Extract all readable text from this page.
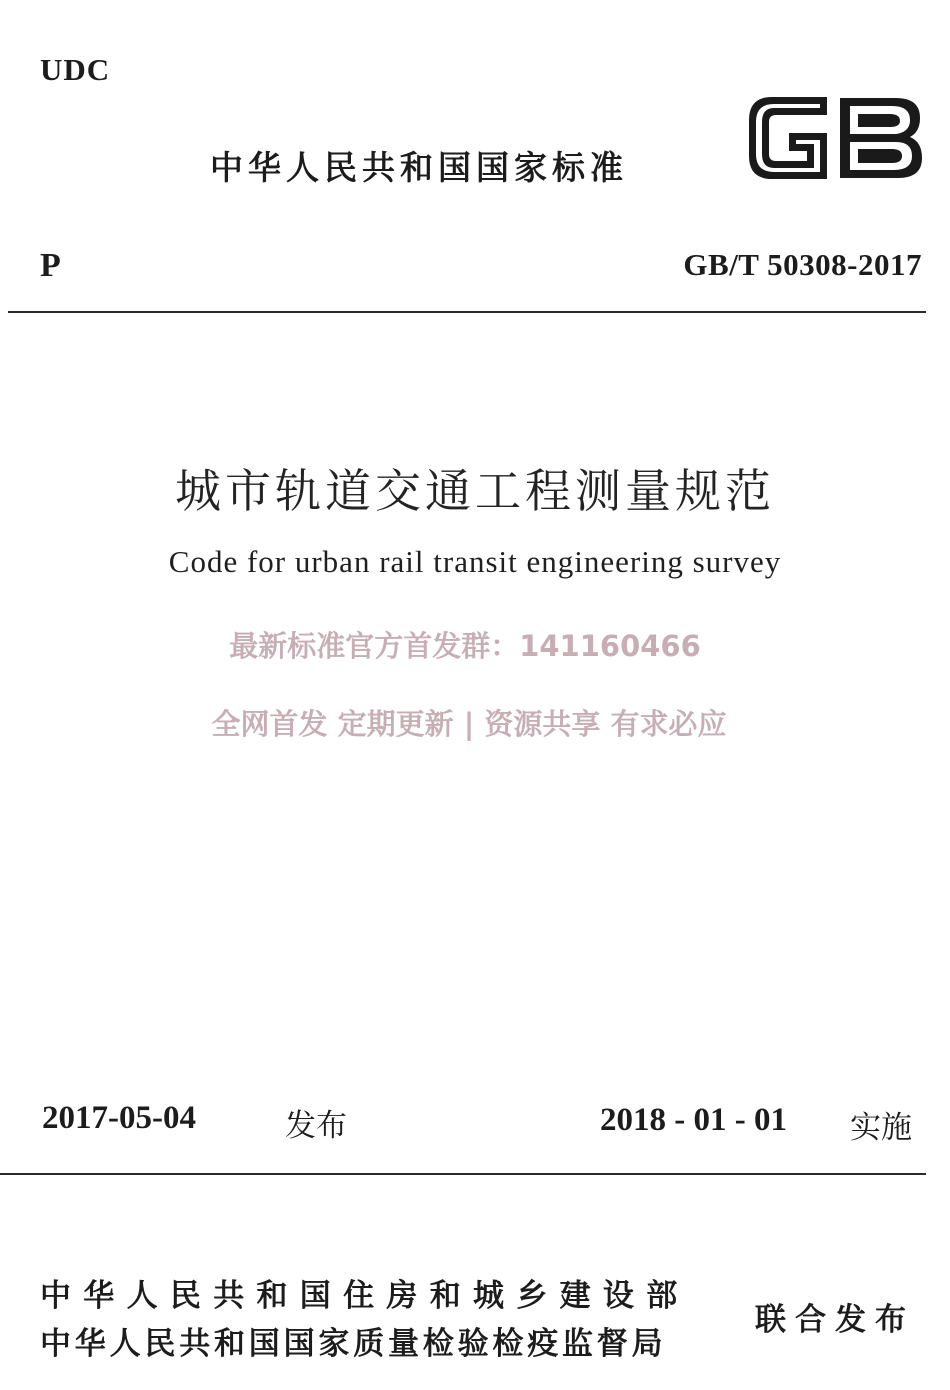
UDC
中华人民共和国国家标准
P	GB/T 50308-2017
城市轨道交通工程测量规范
Code for urban rail transit engineering survey
最新标准官方首发群：141160466
全网首发 定期更新 | 资源共享 有求必应
2017-05-04	发布	2018 - 01 - 01 实施
中华人民共和国住房和城乡建设部
中华人民共和国国家质量检验检疫监督局
联合发布
